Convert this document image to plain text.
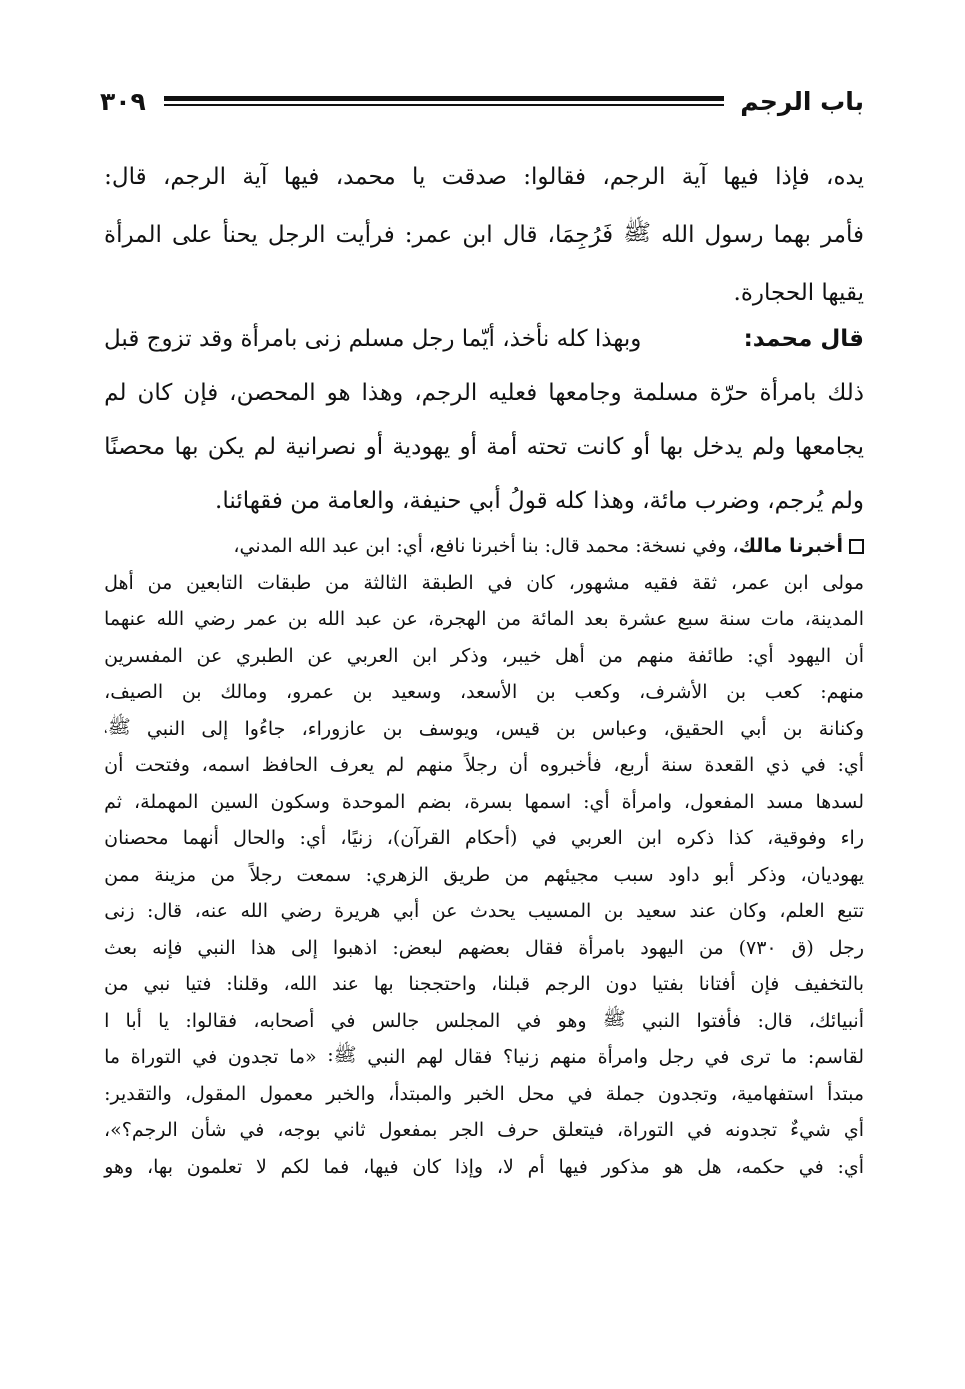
باب الرجم
٣٠٩
يده،
فإذا
فيها
آية
الرجم،
فقالوا:
صدقت
يا
محمد،
فيها
آية
الرجم،
قال:
فأمر
بهما
رسول
الله
ﷺ
فَرُجِمَا،
قال
ابن
عمر:
فرأيت
الرجل
يحنأ
على
المرأة
يقيها الحجارة.
قال محمد:
وبهذا كله نأخذ، أيّما رجل مسلم زنى بامرأة وقد تزوج قبل
ذلك
بامرأة
حرّة
مسلمة
وجامعها
فعليه
الرجم،
وهذا
هو
المحصن،
فإن
كان
لم
يجامعها
ولم
يدخل
بها
أو
كانت
تحته
أمة
أو
يهودية
أو
نصرانية
لم
يكن
بها
محصنًا
ولم يُرجم، وضرب مائة، وهذا كله قولُ أبي حنيفة، والعامة من فقهائنا.
أخبرنا مالك
، وفي نسخة: محمد قال: بنا أخبرنا نافع، أي: ابن عبد الله المدني،
مولى
ابن
عمر،
ثقة
فقيه
مشهور،
كان
في
الطبقة
الثالثة
من
طبقات
التابعين
من
أهل
المدينة،
مات
سنة
سبع
عشرة
بعد
المائة
من
الهجرة،
عن
عبد
الله
بن
عمر
رضي
الله
عنهما
أن
اليهود
أي:
طائفة
منهم
من
أهل
خيبر،
وذكر
ابن
العربي
عن
الطبري
عن
المفسرين
منهم:
كعب
بن
الأشرف،
وكعب
بن
الأسعد،
وسعيد
بن
عمرو،
ومالك
بن
الصيف،
وكنانة
بن
أبي
الحقيق،
وعباس
بن
قيس،
ويوسف
بن
عازوراء،
جاءُوا
إلى
النبي
ﷺ،
أي:
في
ذي
القعدة
سنة
أربع،
فأخبروه
أن
رجلاً
منهم
لم
يعرف
الحافظ
اسمه،
وفتحت
أن
لسدها
مسد
المفعول،
وامرأة
أي:
اسمها
بسرة،
بضم
الموحدة
وسكون
السين
المهملة،
ثم
راء
وفوقية،
كذا
ذكره
ابن
العربي
في
(أحكام
القرآن)،
زنيًا،
أي:
والحال
أنهما
محصنان
يهوديان،
وذكر
أبو
داود
سبب
مجيئهم
من
طريق
الزهري:
سمعت
رجلاً
من
مزينة
ممن
تتبع
العلم،
وكان
عند
سعيد
بن
المسيب
يحدث
عن
أبي
هريرة
رضي
الله
عنه،
قال:
زنى
رجل
(ق
٧٣٠)
من
اليهود
بامرأة
فقال
بعضهم
لبعض:
اذهبوا
إلى
هذا
النبي
فإنه
بعث
بالتخفيف
فإن
أفتانا
بفتيا
دون
الرجم
قبلنا،
واحتججنا
بها
عند
الله،
وقلنا:
فتيا
نبي
من
أنبيائك،
قال:
فأفتوا
النبي
ﷺ
وهو
في
المجلس
جالس
في
أصحابه،
فقالوا:
يا
أبا
ا
لقاسم:
ما
ترى
في
رجل
وامرأة
منهم
زنيا؟
فقال
لهم
النبي
ﷺ:
«ما
تجدون
في
التوراة
ما
مبتدأ
استفهامية،
وتجدون
جملة
في
محل
الخبر
والمبتدأ،
والخبر
معمول
المقول،
والتقدير:
أي
شيءٌ
تجدونه
في
التوراة،
فيتعلق
حرف
الجر
بمفعول
ثاني
بوجه،
في
شأن
الرجم؟»،
أي:
في
حكمه،
هل
هو
مذكور
فيها
أم
لا،
وإذا
كان
فيها،
فما
لكم
لا
تعلمون
بها،
وهو
